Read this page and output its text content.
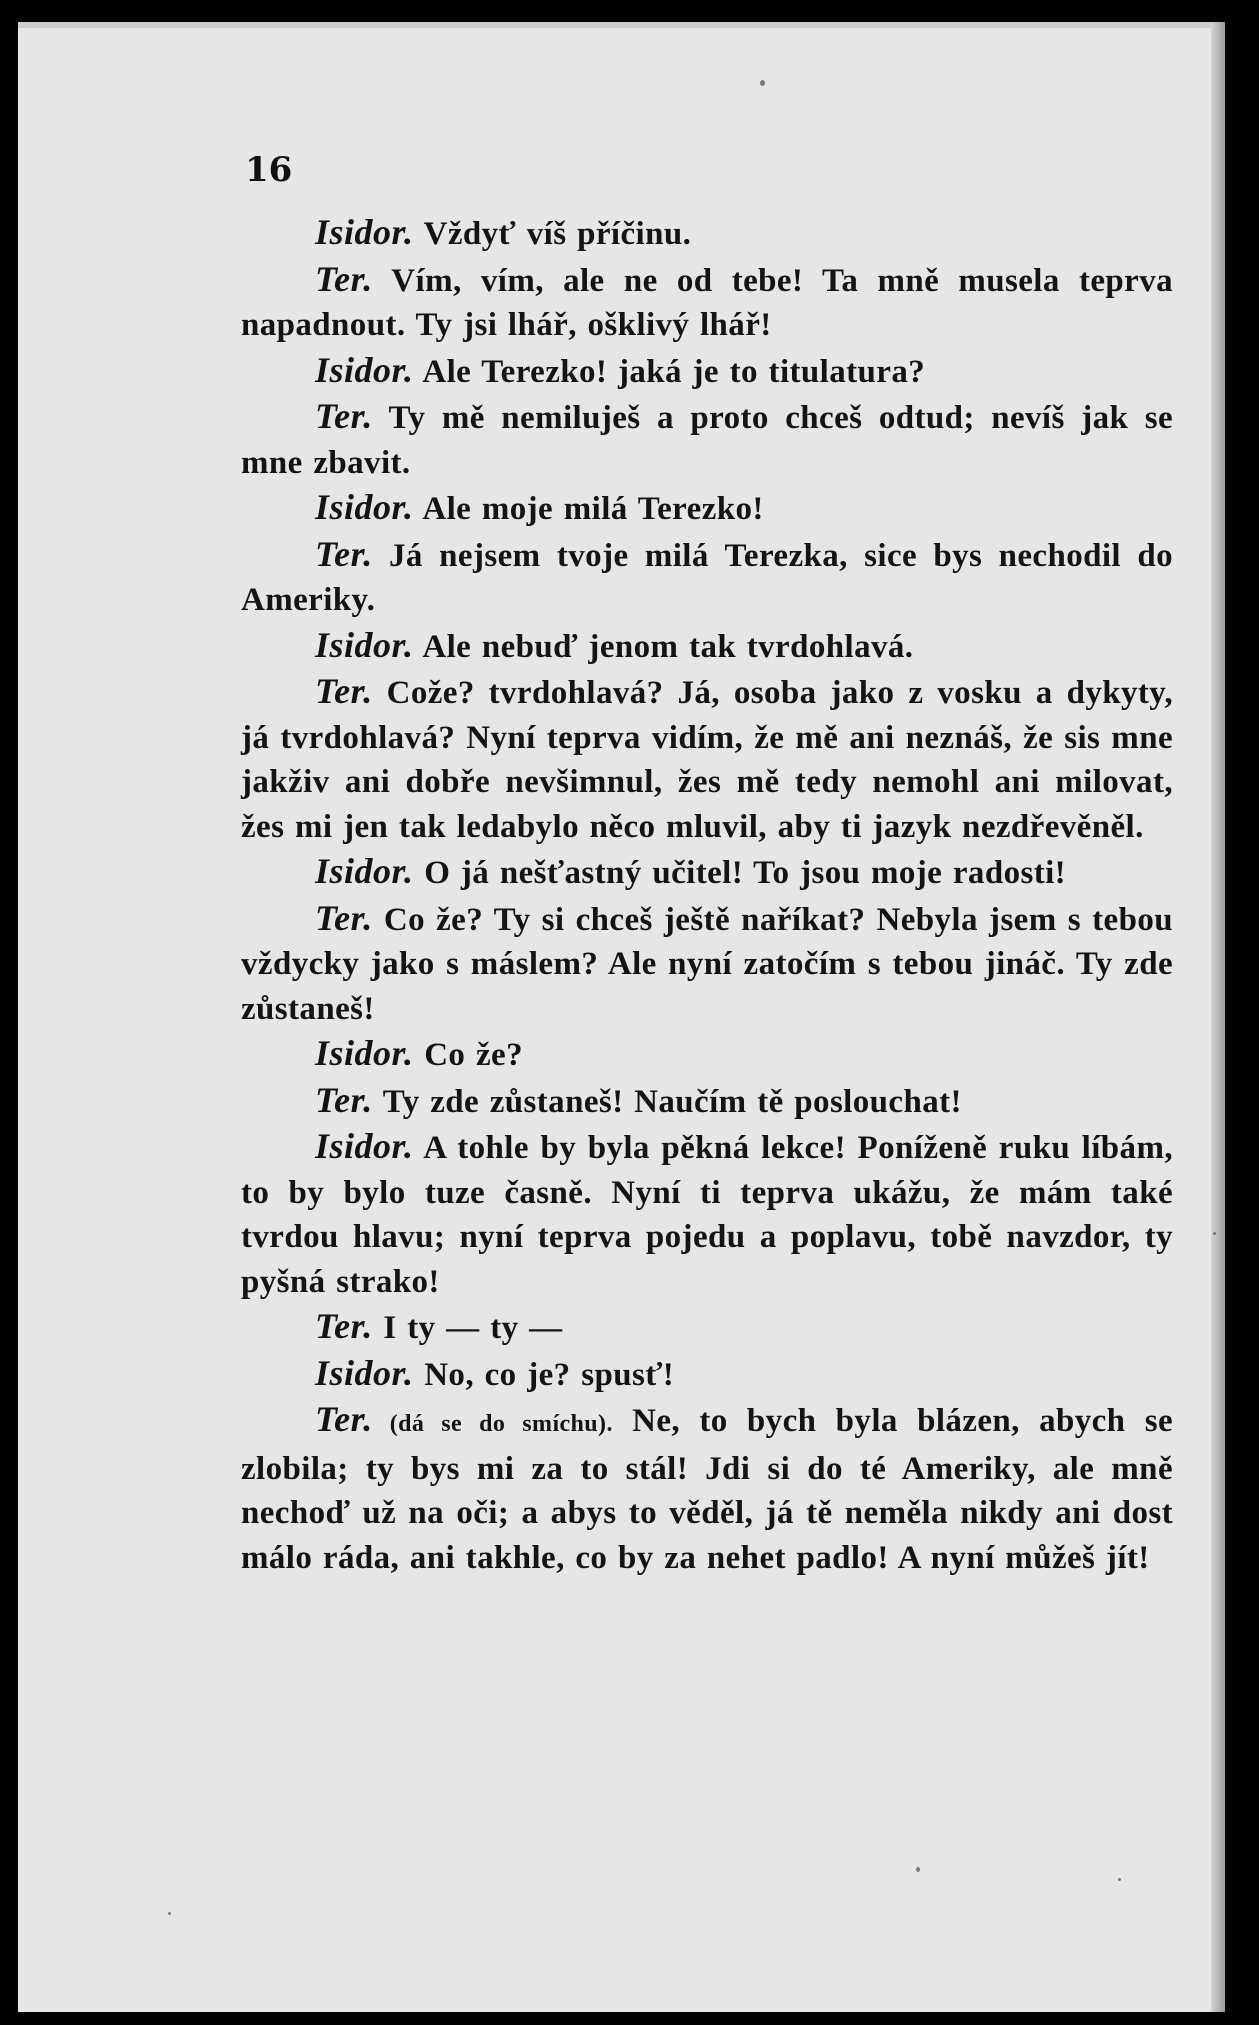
16

Isidor. Vždyť víš příčinu.

Ter. Vím, vím, ale ne od tebe! Ta mně musela teprva napadnout. Ty jsi lhář, ošklivý lhář!

Isidor. Ale Terezko! jaká je to titulatura?

Ter. Ty mě nemiluješ a proto chceš odtud; nevíš jak se mne zbavit.

Isidor. Ale moje milá Terezko!

Ter. Já nejsem tvoje milá Terezka, sice bys nechodil do Ameriky.

Isidor. Ale nebuď jenom tak tvrdohlavá.

Ter. Cože? tvrdohlavá? Já, osoba jako z vosku a dykyty, já tvrdohlavá? Nyní teprva vidím, že mě ani neznáš, že sis mne jakživ ani dobře nevšimnul, žes mě tedy nemohl ani milovat, žes mi jen tak ledabylo něco mluvil, aby ti jazyk nezdřevěněl.

Isidor. O já nešťastný učitel! To jsou moje radosti!

Ter. Co že? Ty si chceš ještě naříkat? Nebyla jsem s tebou vždycky jako s máslem? Ale nyní zatočím s tebou jináč. Ty zde zůstaneš!

Isidor. Co že?

Ter. Ty zde zůstaneš! Naučím tě poslouchat!

Isidor. A tohle by byla pěkná lekce! Poníženě ruku líbám, to by bylo tuze časně. Nyní ti teprva ukážu, že mám také tvrdou hlavu; nyní teprva pojedu a poplavu, tobě navzdor, ty pyšná strako!

Ter. I ty — ty —

Isidor. No, co je? spusť!

Ter. (dá se do smíchu). Ne, to bych byla blázen, abych se zlobila; ty bys mi za to stál! Jdi si do té Ameriky, ale mně nechoď už na oči; a abys to věděl, já tě neměla nikdy ani dost málo ráda, ani takhle, co by za nehet padlo! A nyní můžeš jít!
